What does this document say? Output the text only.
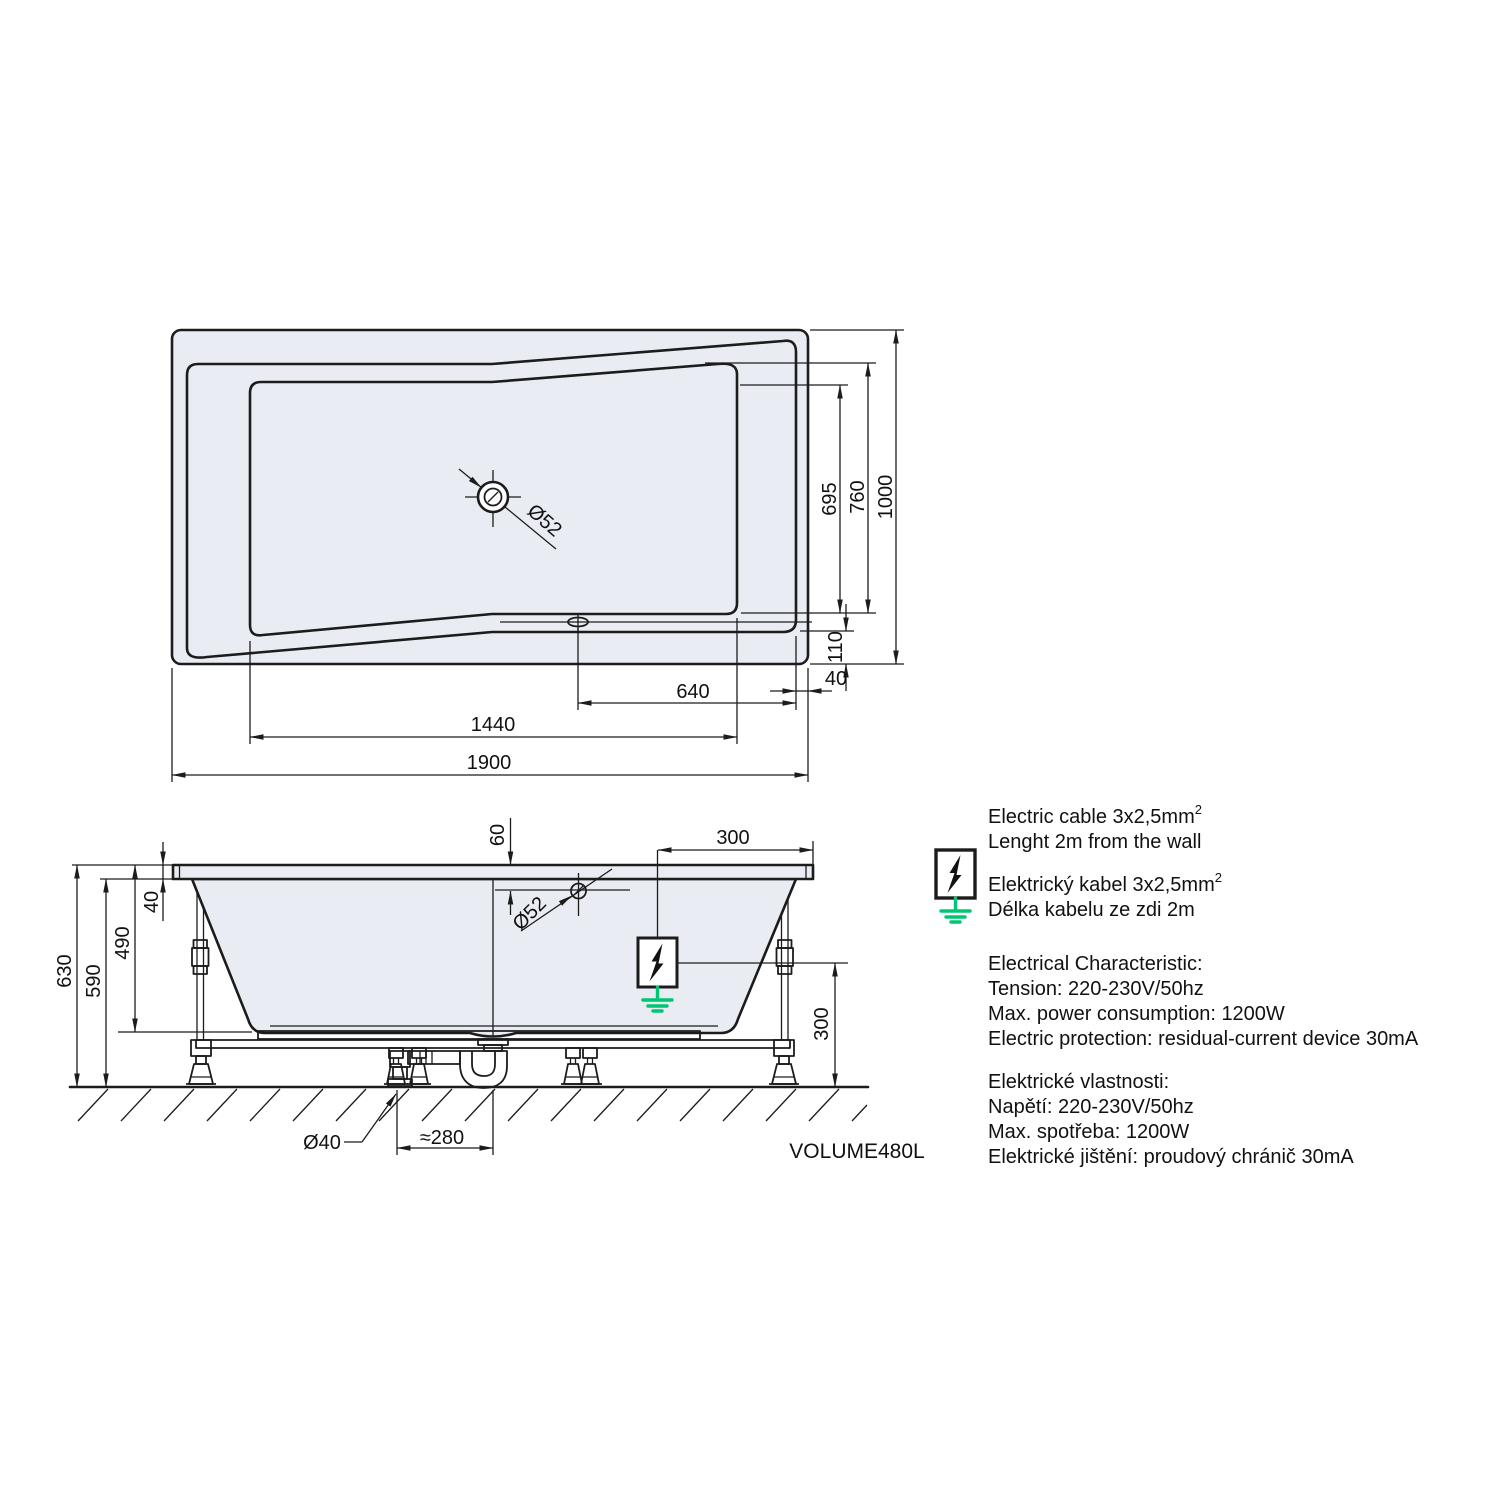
Ø52
695 760 1000
110
40
640
1440
1900
Ø52
630 590
490
40
60	300
300
Ø40	≈280
VOLUME480L
Electric cable $3x2,5mm^2$
Lenght 2m from the wall
Elektrický kabel $3x2,5mm^2$
Délka kabelu ze zdi 2m
Electrical Characteristic:
Tension: 220-230V/50hz
Max. power consumption: 1200W
Electric protection: residual-current device 30mA
Elektrické vlastnosti:
Napětí: 220-230V/50hz
Max. spotřeba: 1200W
Elektrické jištění: proudový chránič 30mA
